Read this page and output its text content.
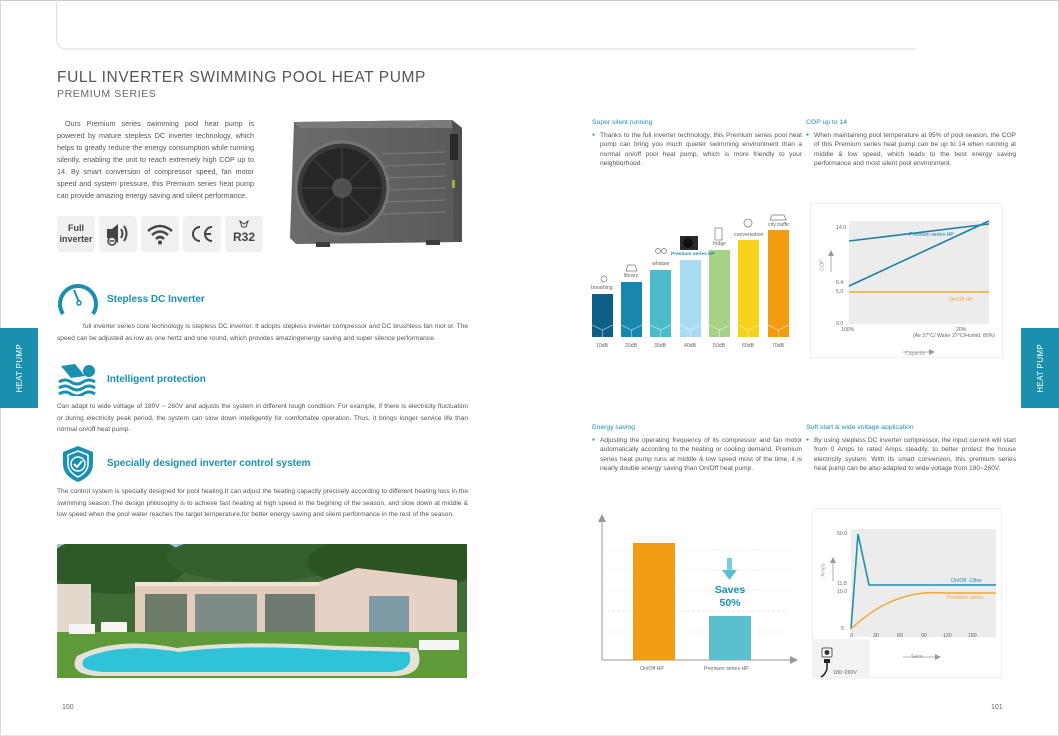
HEAT PUMP	HEAT PUMP
FULL INVERTER SWIMMING POOL HEAT PUMP
PREMIUM SERIES

Ours Premium series swimming pool heat pump is powered by mature stepless DC inverter technology, which helps to greatly reduce the energy consumption while running silently, enabling the unit to reach extremely high COP up to 14. By smart conversion of compressor speed, fan motor speed and system pressure, this Premium series heat pump can provide amazing energy saving and silent performance.

Full inverter	R32
Stepless DC Inverter

full inverter series core technology is stepless DC inverter. It adopts stepless inverter compressor and DC brushless fan mot or. The speed can be adjusted as low as one hertz and one round, which provides amazingenergy saving and super silence performance.

Intelligent protection

Can adapt to wide voltage of 180V ~ 260V and adjusts the system in different tough condition. For example, if there is electricity fluctuation or during electricity peak period, the system can slow down intelligently for comfortable operation. Thus, it brings longer service life than normal on/off heat pump.

Specially designed inverter control system

The control system is specially designed for pool heating.It can adjust the heating capacity precisely according to different heating loss in the swimming season.The design philosophy is to achieve fast heating at high speed in the begining of the season, and slow down at middle & low speed when the pool water reaches the target temperature,for better energy saving and silent performance in the rest of the season.

100
Super silent running

● Thanks to the full inverter technology, this Premium series pool heat pump can bring you much quieter swimming environment than a normal on/off pool heat pump, which is more friendly to your neighborhood.

COP up to 14

● When maintaining pool temperature at 95% of pool season, the COP of this Premium series heat pump can be up to 14 when running at middle & low speed, which leads to the best energy saving performance and most silent pool environment.

breathing
library
whisper
Premium series HP
fridge
conversation
city traffic
10dB	20dB	30dB	40dB	50dB	60dB	70dB
14.0
6.4
5.0
0.0
COP
100%	20%
(Air 27°C/ Water 27°C/Humid. 80%)
Capacity
Premium series HP
On/Off HP
Energy saving

● Adjusting the operating frequency of its compressor and fan motor automatically according to the heating or cooling demand, Premium series heat pump runs at middle & low speed most of the time, it is nearly double energy saving than On/Off heat pump.

Soft start & wide voltage application

● By using stepless DC inverter compressor, the input current will start from 0 Amps to rated Amps steadily, to better protect the house electricity system. With its smart conversion, this premium series heat pump can be also adapted to wide voltage from 180~260V.

Saves 50%
On/Off HP	Premium series HP
50.0
11.8
10.0
5
Amps
0	30	60	90	120	180
Secs
On/Off -13kw
Premium series
180~260V
101
